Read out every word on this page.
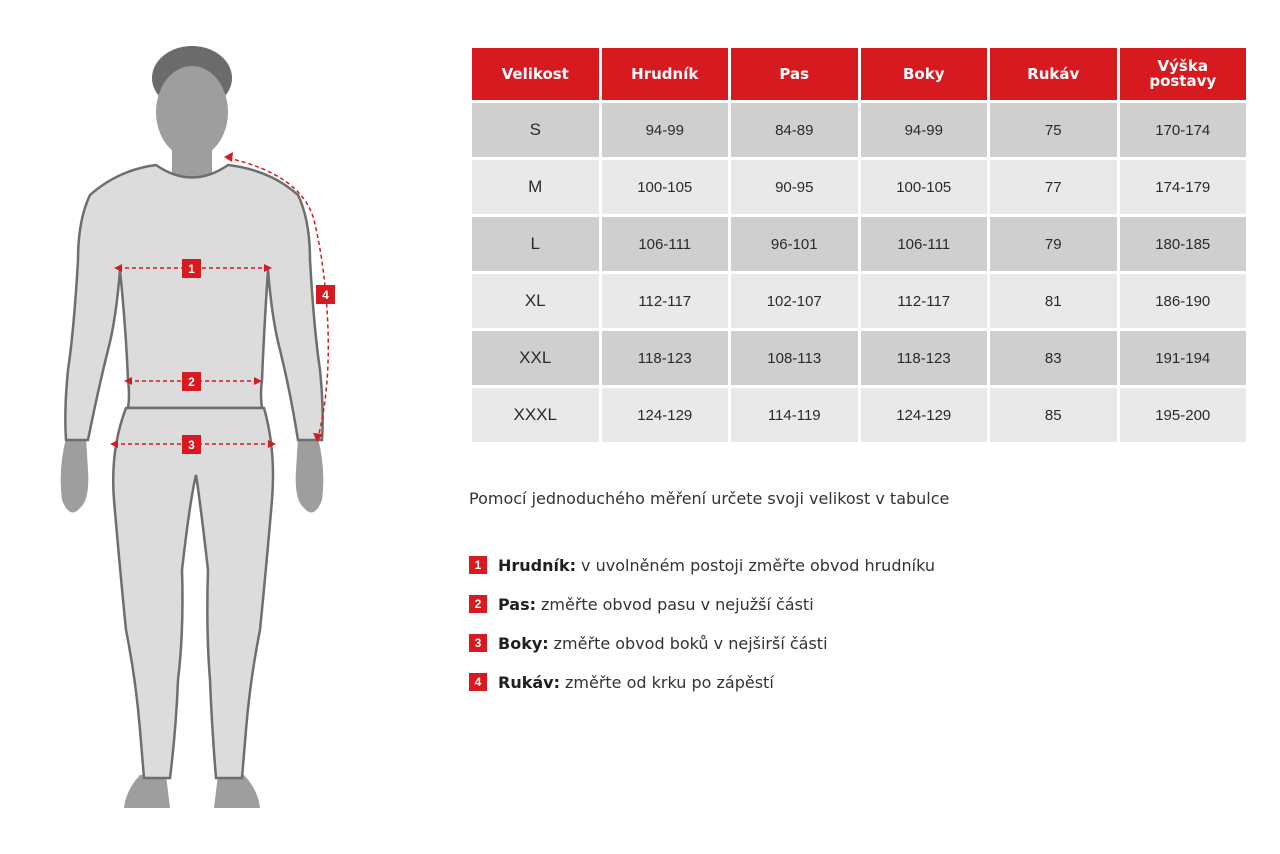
1
2
3
4
Velikost	Hrudník	Pas	Boky	Rukáv	Výška postavy
S	94-99	84-89	94-99	75	170-174
M	100-105	90-95	100-105	77	174-179
L	106-111	96-101	106-111	79	180-185
XL	112-117	102-107	112-117	81	186-190
XXL	118-123	108-113	118-123	83	191-194
XXXL	124-129	114-119	124-129	85	195-200

Pomocí jednoduchého měření určete svoji velikost v tabulce

1	Hrudník: v uvolněném postoji změřte obvod hrudníku
2	Pas: změřte obvod pasu v nejužší části
3	Boky: změřte obvod boků v nejširší části
4	Rukáv: změřte od krku po zápěstí
